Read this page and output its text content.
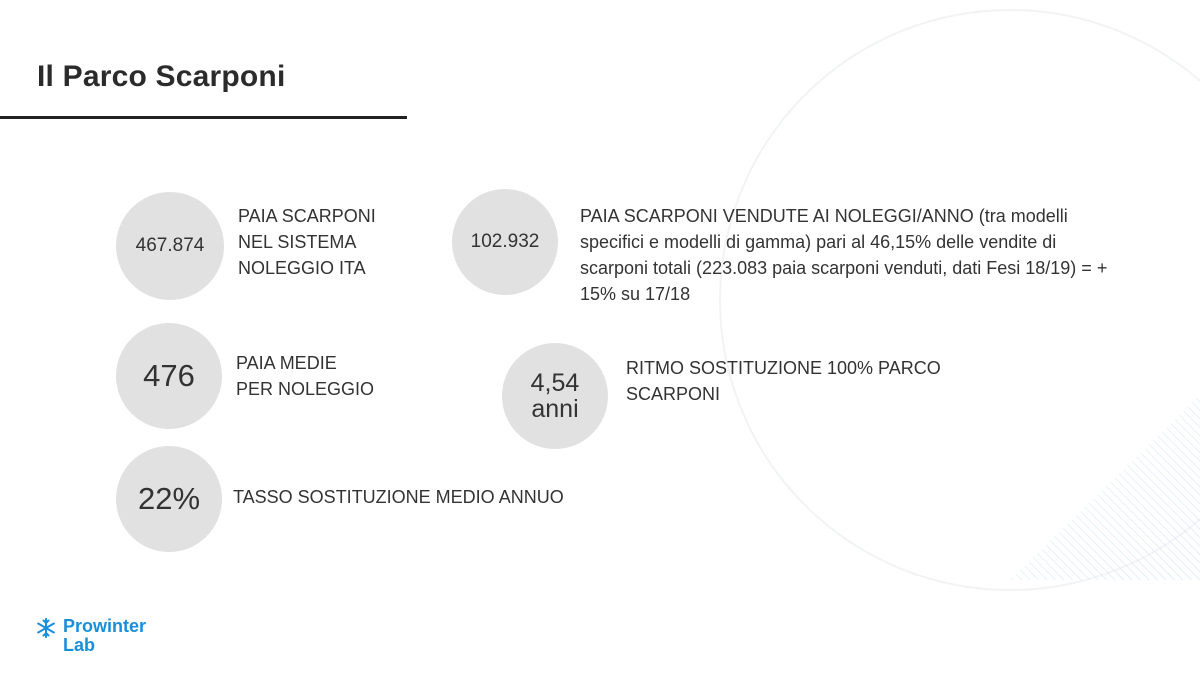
Il Parco Scarponi
467.874
PAIA SCARPONI
NEL SISTEMA
NOLEGGIO ITA
102.932
PAIA SCARPONI VENDUTE AI NOLEGGI/ANNO (tra modelli specifici e modelli di gamma) pari al 46,15% delle vendite di scarponi totali (223.083 paia scarponi venduti, dati Fesi 18/19) = + 15% su 17/18
476 PAIA MEDIE
PER NOLEGGIO	4,54
anni
RITMO SOSTITUZIONE 100% PARCO
SCARPONI
22% TASSO SOSTITUZIONE MEDIO ANNUO
Prowinter
Lab
